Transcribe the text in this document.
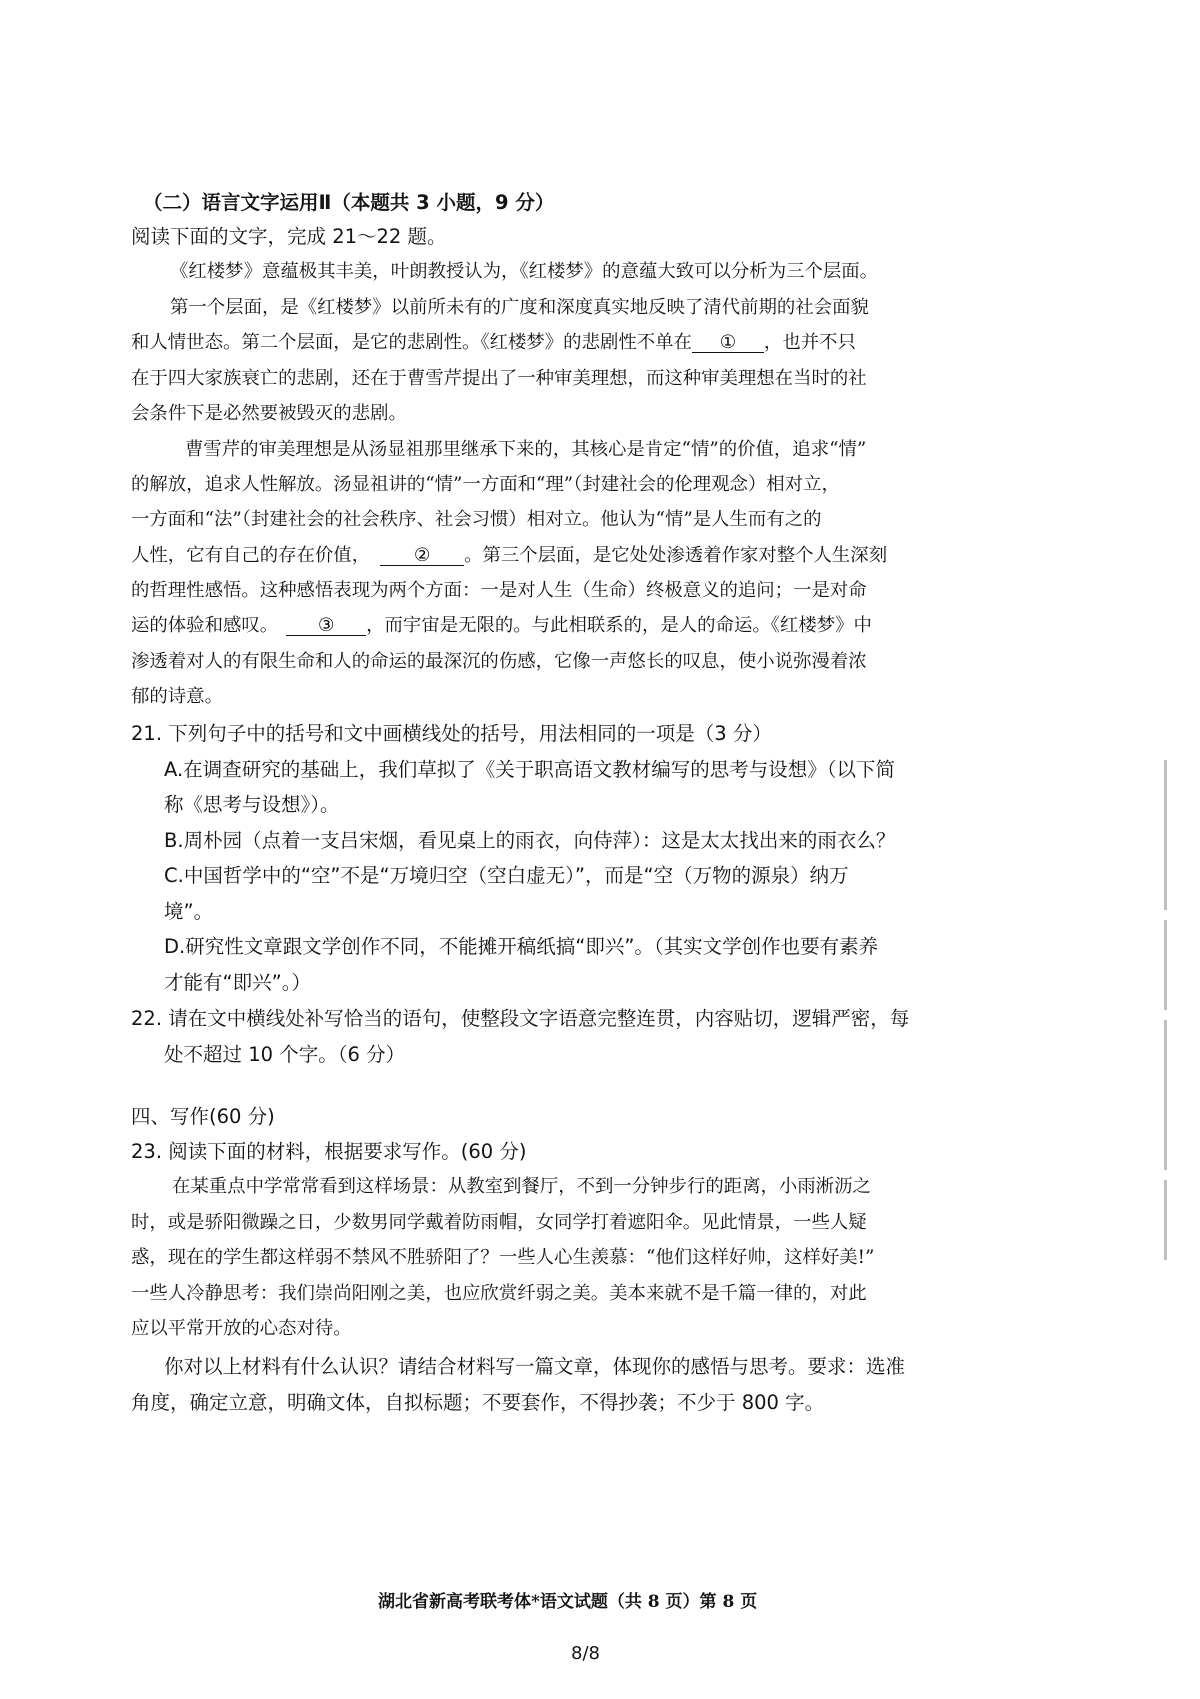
（二）语言文字运用Ⅱ（本题共 3 小题，9 分）
阅读下面的文字，完成 21～22 题。
《红楼梦》意蕴极其丰美，叶朗教授认为，《红楼梦》的意蕴大致可以分析为三个层面。
第一个层面，是《红楼梦》以前所未有的广度和深度真实地反映了清代前期的社会面貌
和人情世态。第二个层面，是它的悲剧性。《红楼梦》的悲剧性不单在 ① ，也并不只
在于四大家族衰亡的悲剧，还在于曹雪芹提出了一种审美理想，而这种审美理想在当时的社
会条件下是必然要被毁灭的悲剧。
曹雪芹的审美理想是从汤显祖那里继承下来的，其核心是肯定“情”的价值，追求“情”
的解放，追求人性解放。汤显祖讲的“情”一方面和“理”（封建社会的伦理观念）相对立，
一方面和“法”（封建社会的社会秩序、社会习惯）相对立。他认为“情”是人生而有之的
人性，它有自己的存在价值， ② 。第三个层面，是它处处渗透着作家对整个人生深刻
的哲理性感悟。这种感悟表现为两个方面：一是对人生（生命）终极意义的追问；一是对命
运的体验和感叹。 ③ ，而宇宙是无限的。与此相联系的，是人的命运。《红楼梦》中
渗透着对人的有限生命和人的命运的最深沉的伤感，它像一声悠长的叹息，使小说弥漫着浓
郁的诗意。
21. 下列句子中的括号和文中画横线处的括号，用法相同的一项是（3 分）
A.在调查研究的基础上，我们草拟了《关于职高语文教材编写的思考与设想》（以下简
称《思考与设想》）。
B.周朴园（点着一支吕宋烟，看见桌上的雨衣，向侍萍）：这是太太找出来的雨衣么？
C.中国哲学中的“空”不是“万境归空（空白虚无）”，而是“空（万物的源泉）纳万
境”。
D.研究性文章跟文学创作不同，不能摊开稿纸搞“即兴”。（其实文学创作也要有素养
才能有“即兴”。）
22. 请在文中横线处补写恰当的语句，使整段文字语意完整连贯，内容贴切，逻辑严密，每
处不超过 10 个字。（6 分）
四、写作(60 分)
23. 阅读下面的材料，根据要求写作。(60 分)
在某重点中学常常看到这样场景：从教室到餐厅，不到一分钟步行的距离，小雨淅沥之
时，或是骄阳微躁之日，少数男同学戴着防雨帽，女同学打着遮阳伞。见此情景，一些人疑
惑，现在的学生都这样弱不禁风不胜骄阳了？一些人心生羡慕：“他们这样好帅，这样好美!”
一些人冷静思考：我们崇尚阳刚之美，也应欣赏纤弱之美。美本来就不是千篇一律的，对此
应以平常开放的心态对待。
你对以上材料有什么认识？请结合材料写一篇文章，体现你的感悟与思考。要求：选准
角度，确定立意，明确文体，自拟标题；不要套作，不得抄袭；不少于 800 字。
湖北省新高考联考体*语文试题（共 8 页）第 8 页
8/8
